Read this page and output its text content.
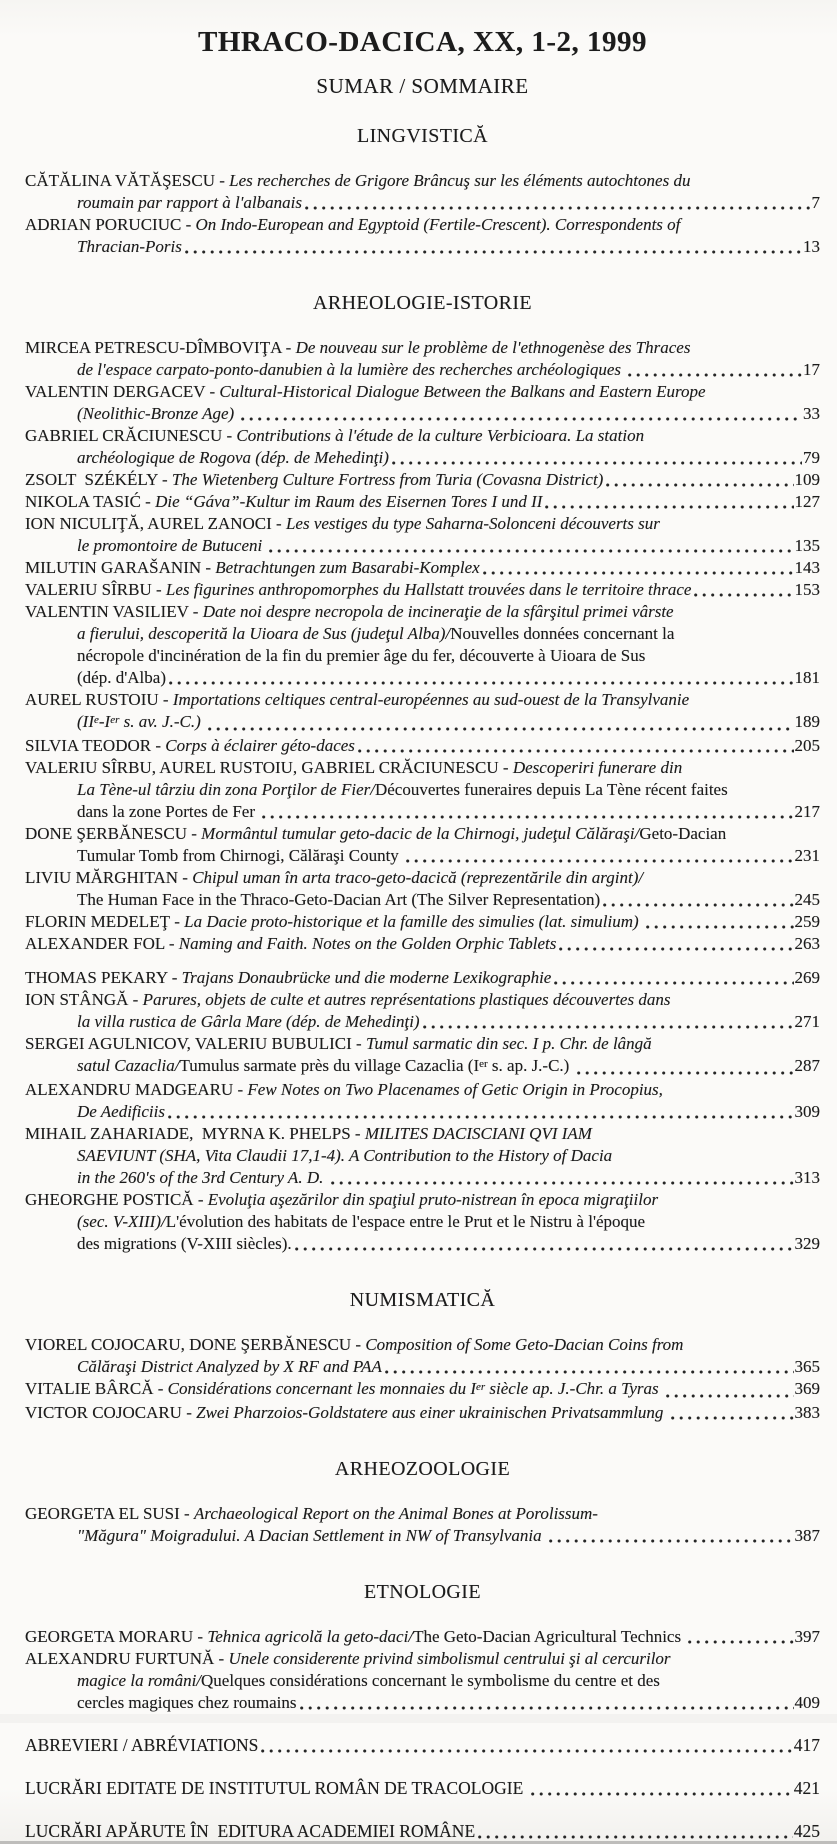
THRACO-DACICA, XX, 1-2, 1999
SUMAR / SOMMAIRE
LINGVISTICĂ
CĂTĂLINA VĂTĂŞESCU - Les recherches de Grigore Brâncuş sur les éléments autochtones du
roumain par rapport à l'albanais	7
ADRIAN PORUCIUC - On Indo-European and Egyptoid (Fertile-Crescent). Correspondents of
Thracian-Poris	13
ARHEOLOGIE-ISTORIE
MIRCEA PETRESCU-DÎMBOVIŢA - De nouveau sur le problème de l'ethnogenèse des Thraces
de l'espace carpato-ponto-danubien à la lumière des recherches archéologiques
	17
VALENTIN DERGACEV - Cultural-Historical Dialogue Between the Balkans and Eastern Europe
(Neolithic-Bronze Age)
	33
GABRIEL CRĂCIUNESCU - Contributions à l'étude de la culture Verbicioara. La station
archéologique de Rogova (dép. de Mehedinţi)	79
ZSOLT  SZÉKÉLY - The Wietenberg Culture Fortress from Turia (Covasna District)	109
NIKOLA TASIĆ - Die “Gáva”-Kultur im Raum des Eisernen Tores I und II	127
ION NICULIŢĂ, AUREL ZANOCI - Les vestiges du type Saharna-Solonceni découverts sur
le promontoire de Butuceni
	135
MILUTIN GARAŠANIN - Betrachtungen zum Basarabi-Komplex	143
VALERIU SÎRBU - Les figurines anthropomorphes du Hallstatt trouvées dans le territoire thrace	153
VALENTIN VASILIEV - Date noi despre necropola de incineraţie de la sfârşitul primei vârste
a fierului, descoperită la Uioara de Sus (judeţul Alba)/ Nouvelles données concernant la
nécropole d'incinération de la fin du premier âge du fer, découverte à Uioara de Sus
(dép. d'Alba)	181
AUREL RUSTOIU - Importations celtiques central-européennes au sud-ouest de la Transylvanie
(II e -I er s. av. J.-C.)
	189
SILVIA TEODOR - Corps à éclairer géto-daces	205
VALERIU SÎRBU, AUREL RUSTOIU, GABRIEL CRĂCIUNESCU - Descoperiri funerare din
La Tène-ul târziu din zona Porţilor de Fier/ Découvertes funeraires depuis La Tène récent faites
dans la zone Portes de Fer
	217
DONE ŞERBĂNESCU - Mormântul tumular geto-dacic de la Chirnogi, judeţul Călăraşi/ Geto-Dacian
Tumular Tomb from Chirnogi, Călăraşi County
	231
LIVIU MĂRGHITAN - Chipul uman în arta traco-geto-dacică (reprezentările din argint)/
The Human Face in the Thraco-Geto-Dacian Art (The Silver Representation)	245
FLORIN MEDELEŢ - La Dacie proto-historique et la famille des simulies (lat. simulium)
	259
ALEXANDER FOL - Naming and Faith. Notes on the Golden Orphic Tablets	263
THOMAS PEKARY - Trajans Donaubrücke und die moderne Lexikographie	269
ION STÂNGĂ - Parures, objets de culte et autres représentations plastiques découvertes dans
la villa rustica de Gârla Mare (dép. de Mehedinţi)	271
SERGEI AGULNICOV, VALERIU BUBULICI - Tumul sarmatic din sec. I p. Chr. de lângă
satul Cazaclia/ Tumulus sarmate près du village Cazaclia (I er s. ap. J.-C.)
	287
ALEXANDRU MADGEARU - Few Notes on Two Placenames of Getic Origin in Procopius,
De Aedificiis	309
MIHAIL ZAHARIADE,  MYRNA K. PHELPS - MILITES DACISCIANI QVI IAM
SAEVIUNT (SHA, Vita Claudii 17,1-4). A Contribution to the History of Dacia
in the 260's of the 3rd Century A. D.
	313
GHEORGHE POSTICĂ - Evoluţia aşezărilor din spaţiul pruto-nistrean în epoca migraţiilor
(sec. V-XIII)/ L'évolution des habitats de l'espace entre le Prut et le Nistru à l'époque
des migrations (V-XIII siècles).	329
NUMISMATICĂ
VIOREL COJOCARU, DONE ŞERBĂNESCU - Composition of Some Geto-Dacian Coins from
Călăraşi District Analyzed by X RF and PAA	365
VITALIE BÂRCĂ - Considérations concernant les monnaies du I er siècle ap. J.-Chr. a Tyras
	369
VICTOR COJOCARU - Zwei Pharzoios-Goldstatere aus einer ukrainischen Privatsammlung
	383
ARHEOZOOLOGIE
GEORGETA EL SUSI - Archaeological Report on the Animal Bones at Porolissum-
"Măgura" Moigradului. A Dacian Settlement in NW of Transylvania
	387
ETNOLOGIE
GEORGETA MORARU - Tehnica agricolă la geto-daci/ The Geto-Dacian Agricultural Technics
	397
ALEXANDRU FURTUNĂ - Unele considerente privind simbolismul centrului şi al cercurilor
magice la români/ Quelques considérations concernant le symbolisme du centre et des
cercles magiques chez roumains	409
ABREVIERI / ABRÉVIATIONS	417
LUCRĂRI EDITATE DE INSTITUTUL ROMÂN DE TRACOLOGIE
	421
LUCRĂRI APĂRUTE ÎN  EDITURA ACADEMIEI ROMÂNE	425
